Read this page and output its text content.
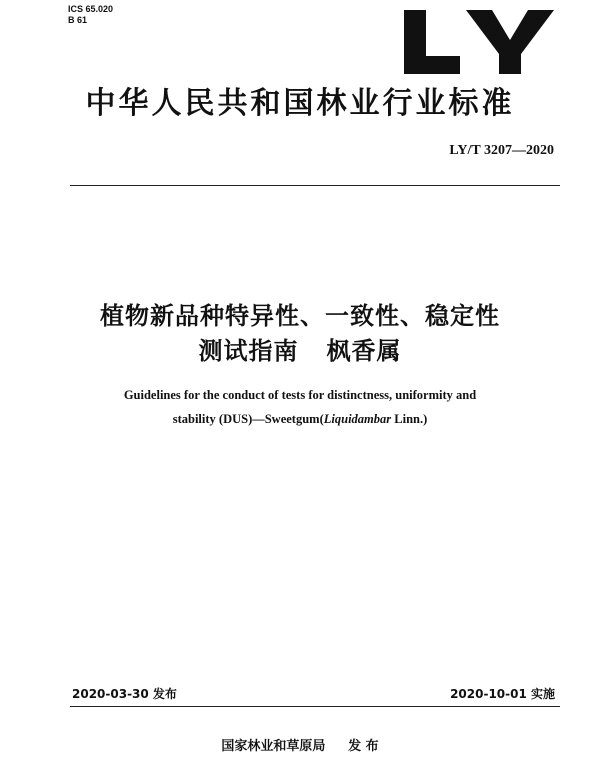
ICS 65.020
B 61
中华人民共和国林业行业标准
LY/T 3207—2020
植物新品种特异性、一致性、稳定性
测试指南 枫香属
Guidelines for the conduct of tests for distinctness, uniformity and
stability (DUS)—Sweetgum(Liquidambar Linn.)
2020-03-30 发布	2020-10-01 实施
国家林业和草原局 发 布
